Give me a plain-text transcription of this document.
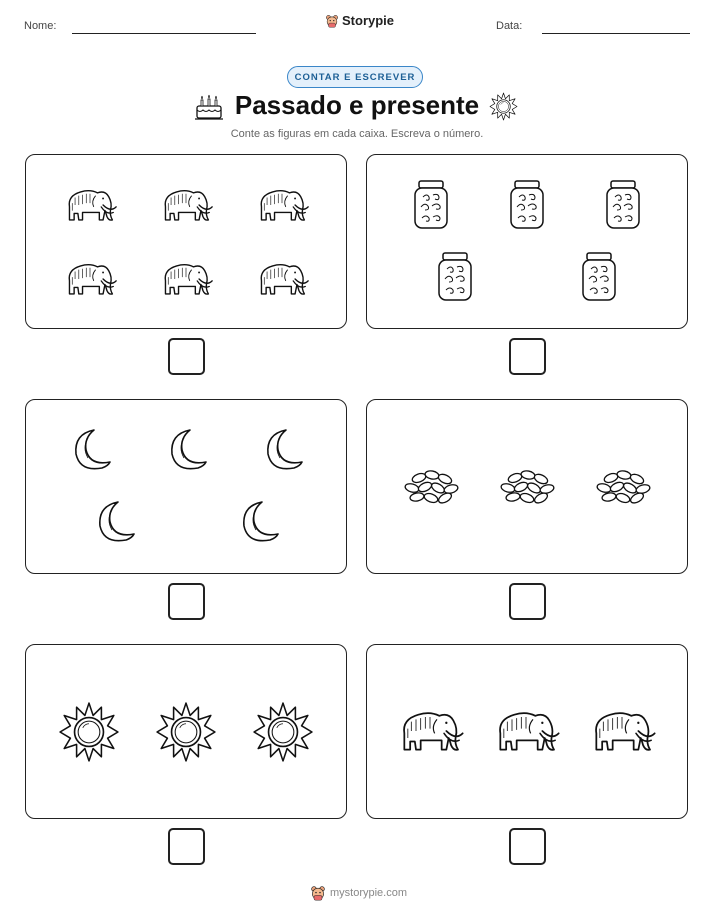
Nome:	Storypie	Data:
CONTAR E ESCREVER
Passado e presente
Conte as figuras em cada caixa. Escreva o número.
mystorypie.com
